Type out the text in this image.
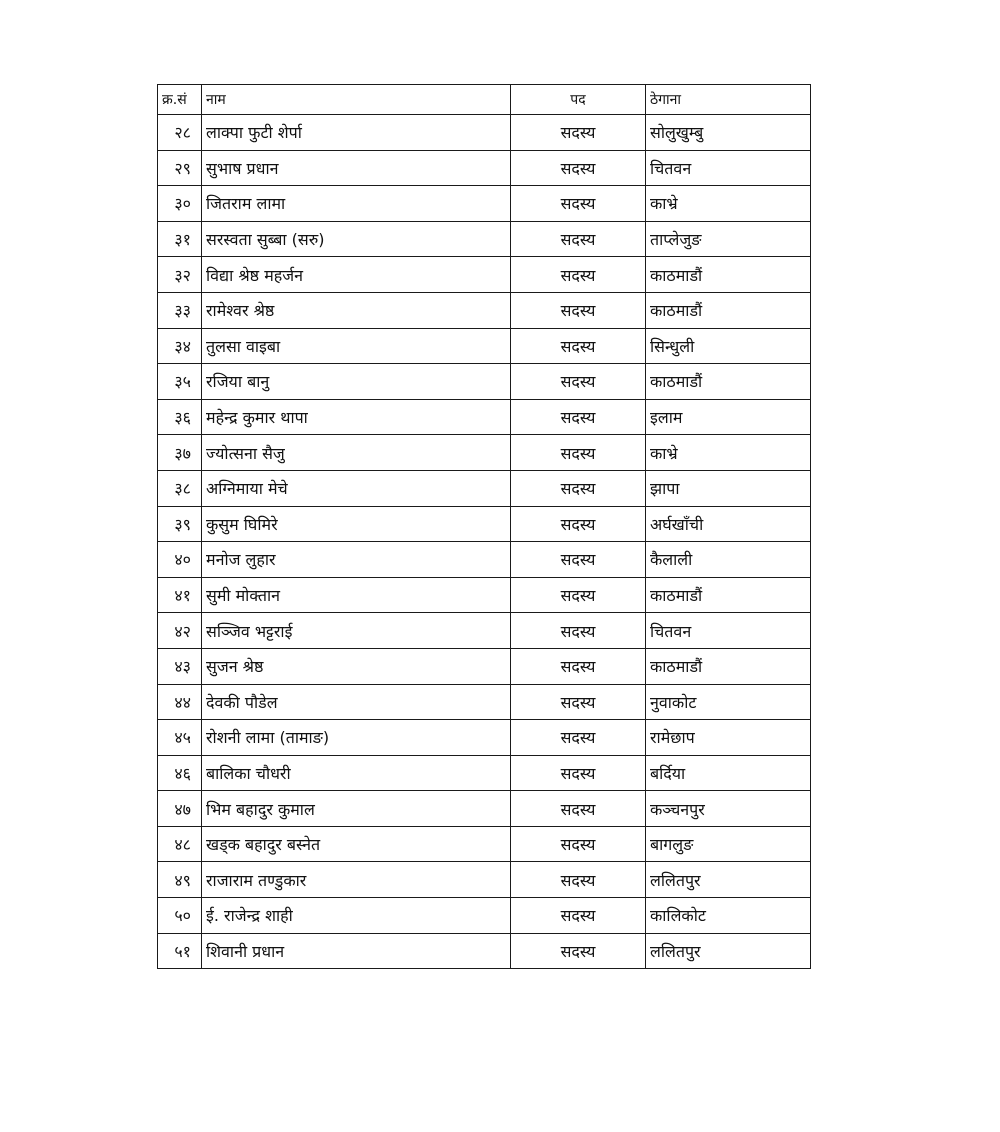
क्र.सं	नाम	पद	ठेगाना
२८	लाक्पा फुटी शेर्पा	सदस्य	सोलुखुम्बु
२९	सुभाष प्रधान	सदस्य	चितवन
३०	जितराम लामा	सदस्य	काभ्रे
३१	सरस्वता सुब्बा (सरु)	सदस्य	ताप्लेजुङ
३२	विद्या श्रेष्ठ महर्जन	सदस्य	काठमाडौं
३३	रामेश्वर श्रेष्ठ	सदस्य	काठमाडौं
३४	तुलसा वाइबा	सदस्य	सिन्धुली
३५	रजिया बानु	सदस्य	काठमाडौं
३६	महेन्द्र कुमार थापा	सदस्य	इलाम
३७	ज्योत्सना सैजु	सदस्य	काभ्रे
३८	अग्निमाया मेचे	सदस्य	झापा
३९	कुसुम घिमिरे	सदस्य	अर्घखाँची
४०	मनोज लुहार	सदस्य	कैलाली
४१	सुमी मोक्तान	सदस्य	काठमाडौं
४२	सञ्जिव भट्टराई	सदस्य	चितवन
४३	सुजन श्रेष्ठ	सदस्य	काठमाडौं
४४	देवकी पौडेल	सदस्य	नुवाकोट
४५	रोशनी लामा (तामाङ)	सदस्य	रामेछाप
४६	बालिका चौधरी	सदस्य	बर्दिया
४७	भिम बहादुर कुमाल	सदस्य	कञ्चनपुर
४८	खड्क बहादुर बस्नेत	सदस्य	बागलुङ
४९	राजाराम तण्डुकार	सदस्य	ललितपुर
५०	ई. राजेन्द्र शाही	सदस्य	कालिकोट
५१	शिवानी प्रधान	सदस्य	ललितपुर
